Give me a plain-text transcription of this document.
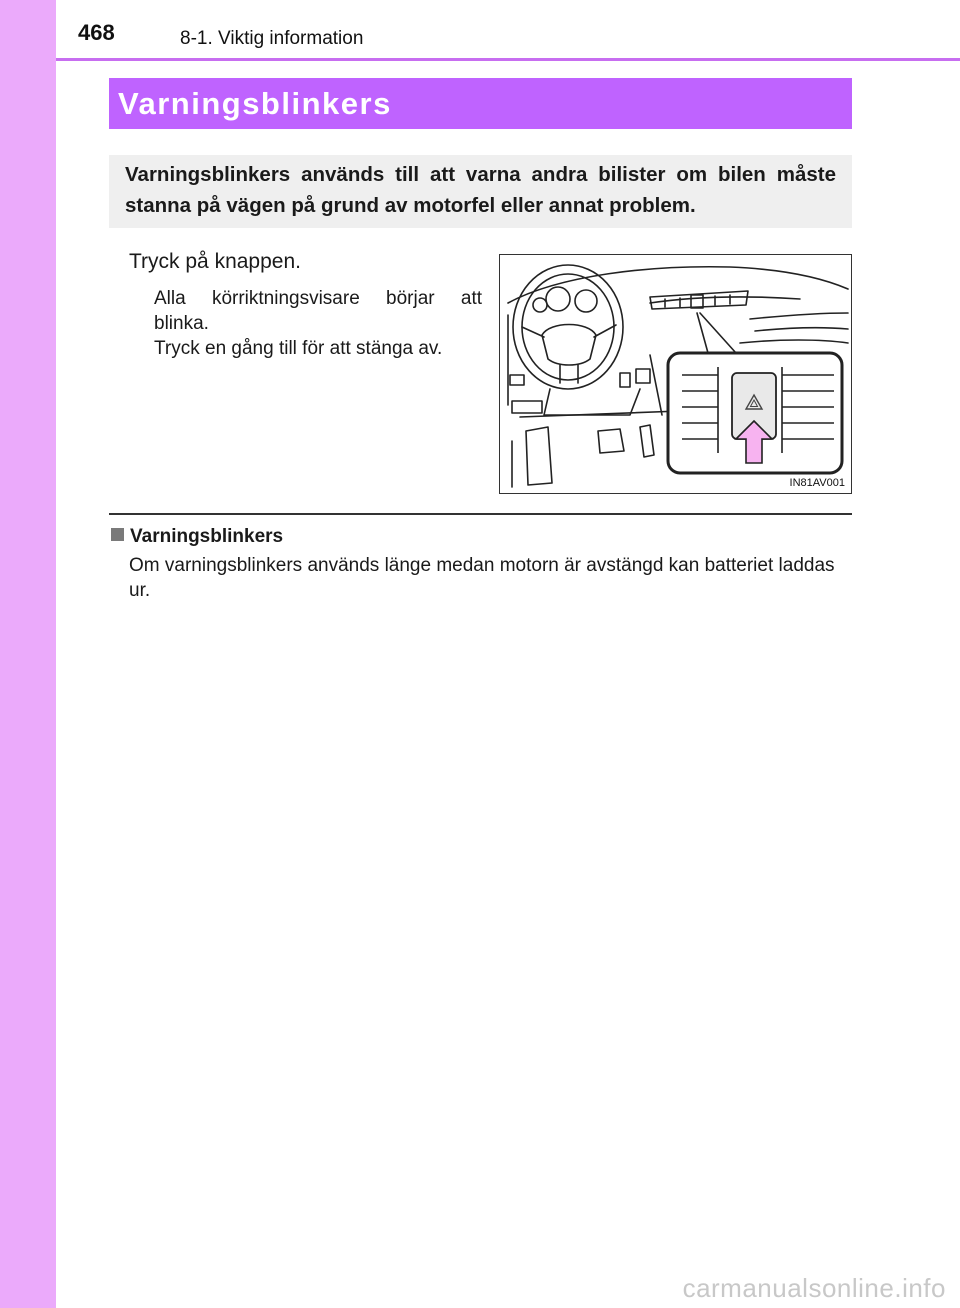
468	8-1. Viktig information
Varningsblinkers
Varningsblinkers används till att varna andra bilister om bilen måste stanna på vägen på grund av motorfel eller annat problem.
Tryck på knappen.

Alla körriktningsvisare börjar att

blinka.

Tryck en gång till för att stänga av.

IN81AV001
Varningsblinkers
Om varningsblinkers används länge medan motorn är avstängd kan batteriet laddas ur.
carmanualsonline.info
